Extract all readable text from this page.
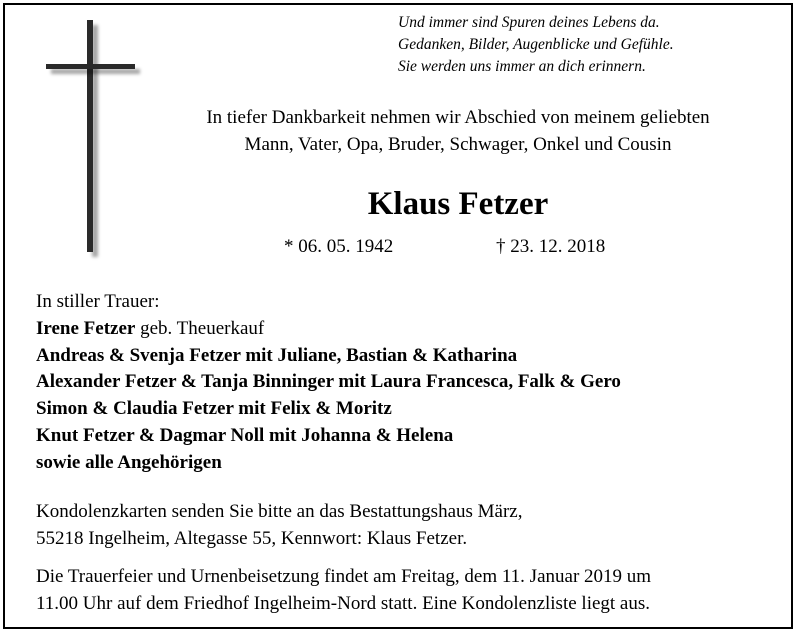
Und immer sind Spuren deines Lebens da.
Gedanken, Bilder, Augenblicke und Gefühle.
Sie werden uns immer an dich erinnern.
In tiefer Dankbarkeit nehmen wir Abschied von meinem geliebten
Mann, Vater, Opa, Bruder, Schwager, Onkel und Cousin
Klaus Fetzer
* 06. 05. 1942	† 23. 12. 2018
In stiller Trauer:
Irene Fetzer geb. Theuerkauf
Andreas & Svenja Fetzer mit Juliane, Bastian & Katharina
Alexander Fetzer & Tanja Binninger mit Laura Francesca, Falk & Gero
Simon & Claudia Fetzer mit Felix & Moritz
Knut Fetzer & Dagmar Noll mit Johanna & Helena
sowie alle Angehörigen
Kondolenzkarten senden Sie bitte an das Bestattungshaus März,
55218 Ingelheim, Altegasse 55, Kennwort: Klaus Fetzer.
Die Trauerfeier und Urnenbeisetzung findet am Freitag, dem 11. Januar 2019 um
11.00 Uhr auf dem Friedhof Ingelheim-Nord statt. Eine Kondolenzliste liegt aus.
